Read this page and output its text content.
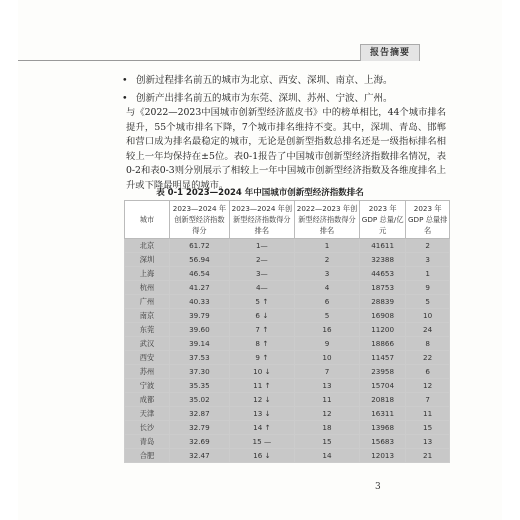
报告摘要
• 创新过程排名前五的城市为北京、西安、深圳、南京、上海。
• 创新产出排名前五的城市为东莞、深圳、苏州、宁波、广州。
与《2022—2023中国城市创新型经济蓝皮书》中的榜单相比，44个城市排名提升，55个城市排名下降，7个城市排名维持不变。其中，深圳、青岛、邯郸和营口成为排名最稳定的城市，无论是创新型指数总排名还是一级指标排名相较上一年均保持在±5位。表0-1报告了中国城市创新型经济指数排名情况，表0-2和表0-3则分别展示了相较上一年中国城市创新型经济指数及各维度排名上升或下降最明显的城市。
表 0-1 2023—2024 年中国城市创新型经济指数排名
城市	2023—2024 年创新型经济指数得分	2023—2024 年创新型经济指数得分排名	2022—2023 年创新型经济指数得分排名	2023 年 GDP 总量/亿元	2023 年 GDP 总量排名
北京	61.72	1—	1	41611	2
深圳	56.94	2—	2	32388	3
上海	46.54	3—	3	44653	1
杭州	41.27	4—	4	18753	9
广州	40.33	5 ↑	6	28839	5
南京	39.79	6 ↓	5	16908	10
东莞	39.60	7 ↑	16	11200	24
武汉	39.14	8 ↑	9	18866	8
西安	37.53	9 ↑	10	11457	22
苏州	37.30	10 ↓	7	23958	6
宁波	35.35	11 ↑	13	15704	12
成都	35.02	12 ↓	11	20818	7
天津	32.87	13 ↓	12	16311	11
长沙	32.79	14 ↑	18	13968	15
青岛	32.69	15 —	15	15683	13
合肥	32.47	16 ↓	14	12013	21
3
